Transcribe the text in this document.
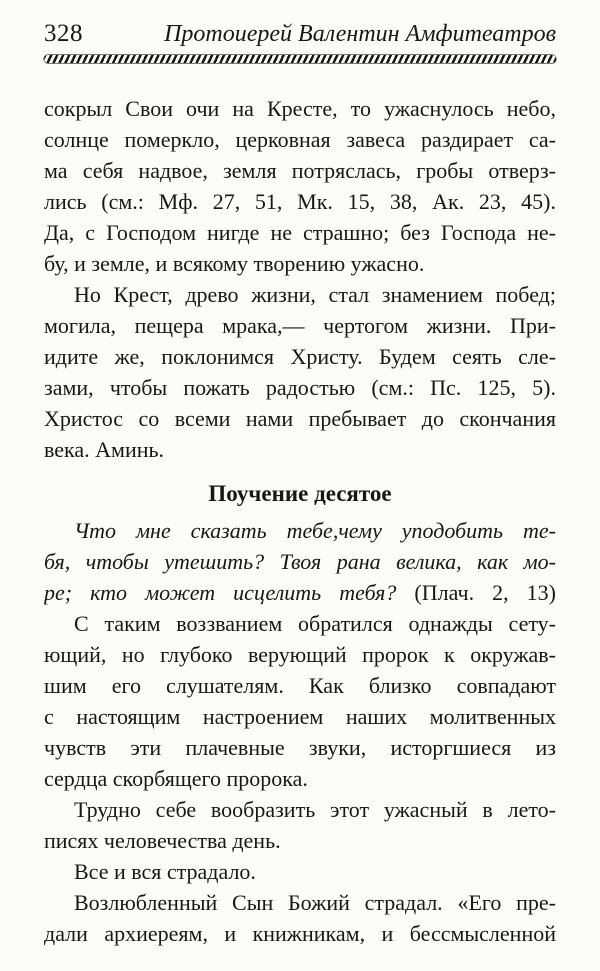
328	Протоиерей Валентин Амфитеатров
сокрыл Свои очи на Кресте, то ужаснулось небо,
солнце померкло, церковная завеса раздирает са-
ма себя надвое, земля потряслась, гробы отверз-
лись (см.: Мф. 27, 51, Мк. 15, 38, Ак. 23, 45).
Да, с Господом нигде не страшно; без Господа не-
бу, и земле, и всякому творению ужасно.
Но Крест, древо жизни, стал знамением побед;
могила, пещера мрака,— чертогом жизни. При-
идите же, поклонимся Христу. Будем сеять сле-
зами, чтобы пожать радостью (см.: Пс. 125, 5).
Христос со всеми нами пребывает до скончания
века. Аминь.
Поучение десятое
Что мне сказать тебе,чему уподобить те-
бя, чтобы утешить? Твоя рана велика, как мо-
ре; кто может исцелить тебя? (Плач. 2, 13)
С таким воззванием обратился однажды сету-
ющий, но глубоко верующий пророк к окружав-
шим его слушателям. Как близко совпадают
с настоящим настроением наших молитвенных
чувств эти плачевные звуки, исторгшиеся из
сердца скорбящего пророка.
Трудно себе вообразить этот ужасный в лето-
писях человечества день.
Все и вся страдало.
Возлюбленный Сын Божий страдал. «Его пре-
дали архиереям, и книжникам, и бессмысленной
